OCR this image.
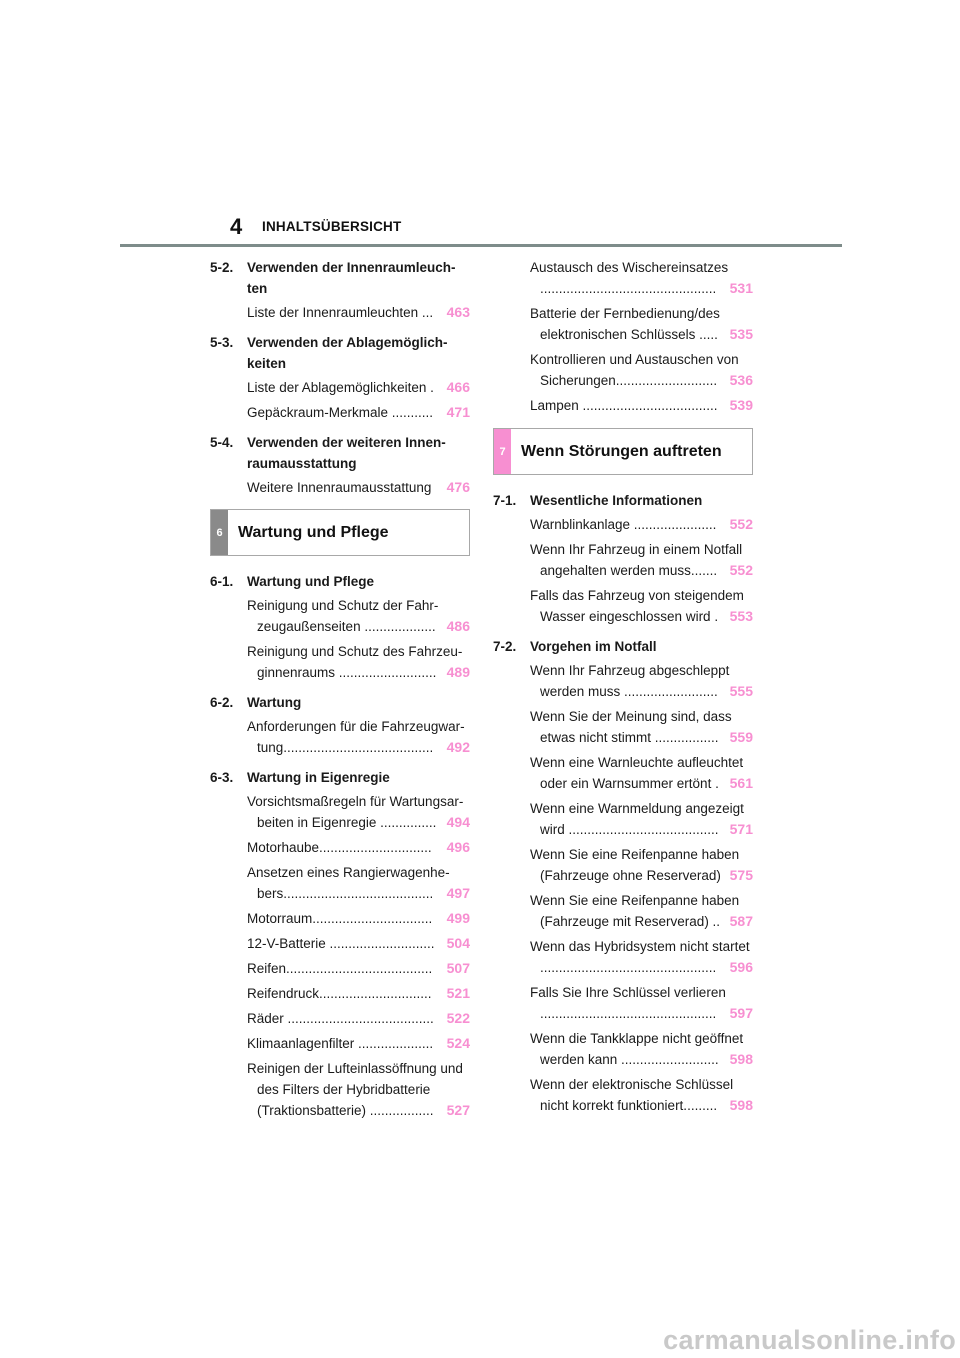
4 INHALTSÜBERSICHT
5-2.	Verwenden der Innenraumleuch-
ten
Liste der Innenraumleuchten ... 463
5-3.	Verwenden der Ablagemöglich-
keiten
Liste der Ablagemöglichkeiten . 466
Gepäckraum-Merkmale ........... 471
5-4.	Verwenden der weiteren Innen-
raumausstattung
Weitere Innenraumausstattung	476
6 Wartung und Pflege
6-1.	Wartung und Pflege
Reinigung und Schutz der Fahr-
zeugaußenseiten ................... 486
Reinigung und Schutz des Fahrzeu-
ginnenraums .......................... 489
6-2.	Wartung
Anforderungen für die Fahrzeugwar-
tung........................................ 492
6-3.	Wartung in Eigenregie
Vorsichtsmaßregeln für Wartungsar-
beiten in Eigenregie ............... 494
Motorhaube..............................	496
Ansetzen eines Rangierwagenhe-
bers........................................ 497
Motorraum................................	499
12-V-Batterie ............................ 504
Reifen.......................................	507
Reifendruck..............................	521
Räder ....................................... 522
Klimaanlagenfilter .................... 524
Reinigen der Lufteinlassöffnung und
des Filters der Hybridbatterie
(Traktionsbatterie) ................. 527
Austausch des Wischereinsatzes
............................................... 531
Batterie der Fernbedienung/des
elektronischen Schlüssels ..... 535
Kontrollieren und Austauschen von
Sicherungen........................... 536
Lampen .................................... 539
7 Wenn Störungen auftreten
7-1.	Wesentliche Informationen
Warnblinkanlage ...................... 552
Wenn Ihr Fahrzeug in einem Notfall
angehalten werden muss....... 552
Falls das Fahrzeug von steigendem
Wasser eingeschlossen wird . 553
7-2.	Vorgehen im Notfall
Wenn Ihr Fahrzeug abgeschleppt
werden muss ......................... 555
Wenn Sie der Meinung sind, dass
etwas nicht stimmt ................. 559
Wenn eine Warnleuchte aufleuchtet
oder ein Warnsummer ertönt . 561
Wenn eine Warnmeldung angezeigt
wird ........................................ 571
Wenn Sie eine Reifenpanne haben
(Fahrzeuge ohne Reserverad) 575
Wenn Sie eine Reifenpanne haben
(Fahrzeuge mit Reserverad) .. 587
Wenn das Hybridsystem nicht startet
............................................... 596
Falls Sie Ihre Schlüssel verlieren
............................................... 597
Wenn die Tankklappe nicht geöffnet
werden kann .......................... 598
Wenn der elektronische Schlüssel
nicht korrekt funktioniert......... 598
carmanualsonline.info
